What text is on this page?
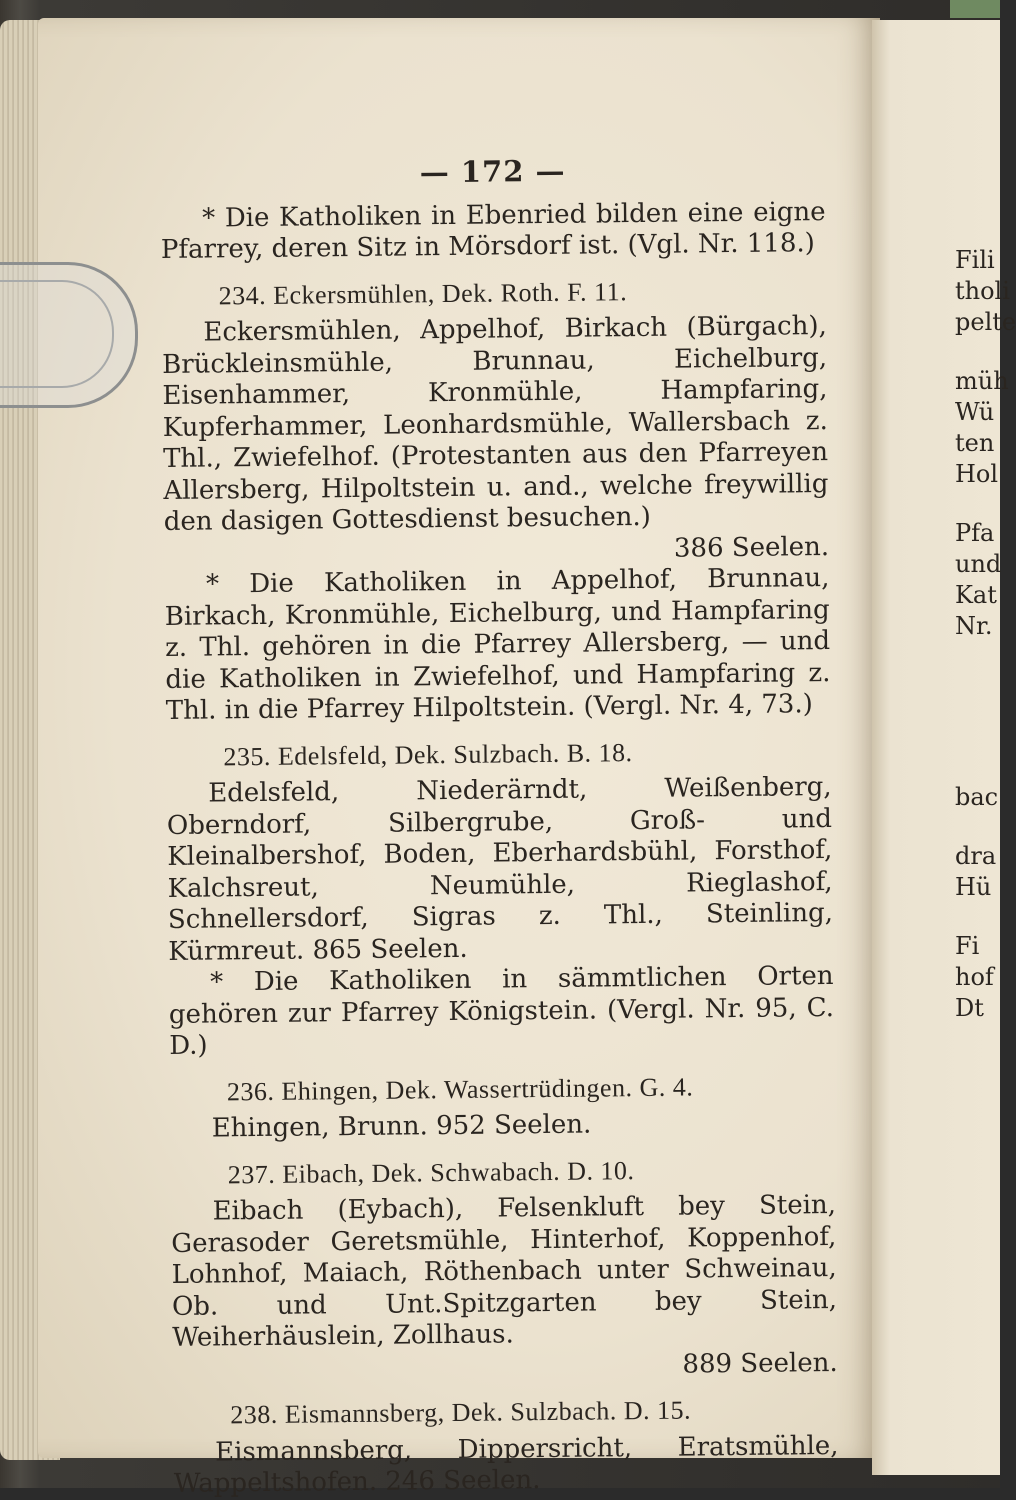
— 172 —

* Die Katholiken in Ebenried bilden eine eigne Pfarrey, deren Sitz in Mörsdorf ist. (Vgl. Nr. 118.)

234. Eckersmühlen, Dek. Roth. F. 11.

Eckersmühlen, Appelhof, Birkach (Bürgach), Brückleinsmühle, Brunnau, Eichelburg, Eisenhammer, Kronmühle, Hampfaring, Kupferhammer, Leonhardsmühle, Wallersbach z. Thl., Zwiefelhof. (Protestanten aus den Pfarreyen Allersberg, Hilpoltstein u. and., welche freywillig den dasigen Gottesdienst besuchen.)

386 Seelen.

* Die Katholiken in Appelhof, Brunnau, Birkach, Kronmühle, Eichelburg, und Hampfaring z. Thl. gehören in die Pfarrey Allersberg, — und die Katholiken in Zwiefelhof, und Hampfaring z. Thl. in die Pfarrey Hilpoltstein. (Vergl. Nr. 4, 73.)

235. Edelsfeld, Dek. Sulzbach. B. 18.

Edelsfeld, Niederärndt, Weißenberg, Oberndorf, Silbergrube, Groß- und Kleinalbershof, Boden, Eberhardsbühl, Forsthof, Kalchsreut, Neumühle, Rieglashof, Schnellersdorf, Sigras z. Thl., Steinling, Kürmreut. 865 Seelen.

* Die Katholiken in sämmtlichen Orten gehören zur Pfarrey Königstein. (Vergl. Nr. 95, C. D.)

236. Ehingen, Dek. Wassertrüdingen. G. 4.

Ehingen, Brunn. 952 Seelen.

237. Eibach, Dek. Schwabach. D. 10.

Eibach (Eybach), Felsenkluft bey Stein, Gerasoder Geretsmühle, Hinterhof, Koppenhof, Lohnhof, Maiach, Röthenbach unter Schweinau, Ob. und Unt.Spitzgarten bey Stein, Weiherhäuslein, Zollhaus.

889 Seelen.

238. Eismannsberg, Dek. Sulzbach. D. 15.

Eismannsberg, Dippersricht, Eratsmühle, Wappeltshofen. 246 Seelen.

Fili
tholi
pelte
müh
Wü
ten
Hol
Pfa
und
Kat
Nr.
bac
dra
Hü
Fi
hof
Dt
